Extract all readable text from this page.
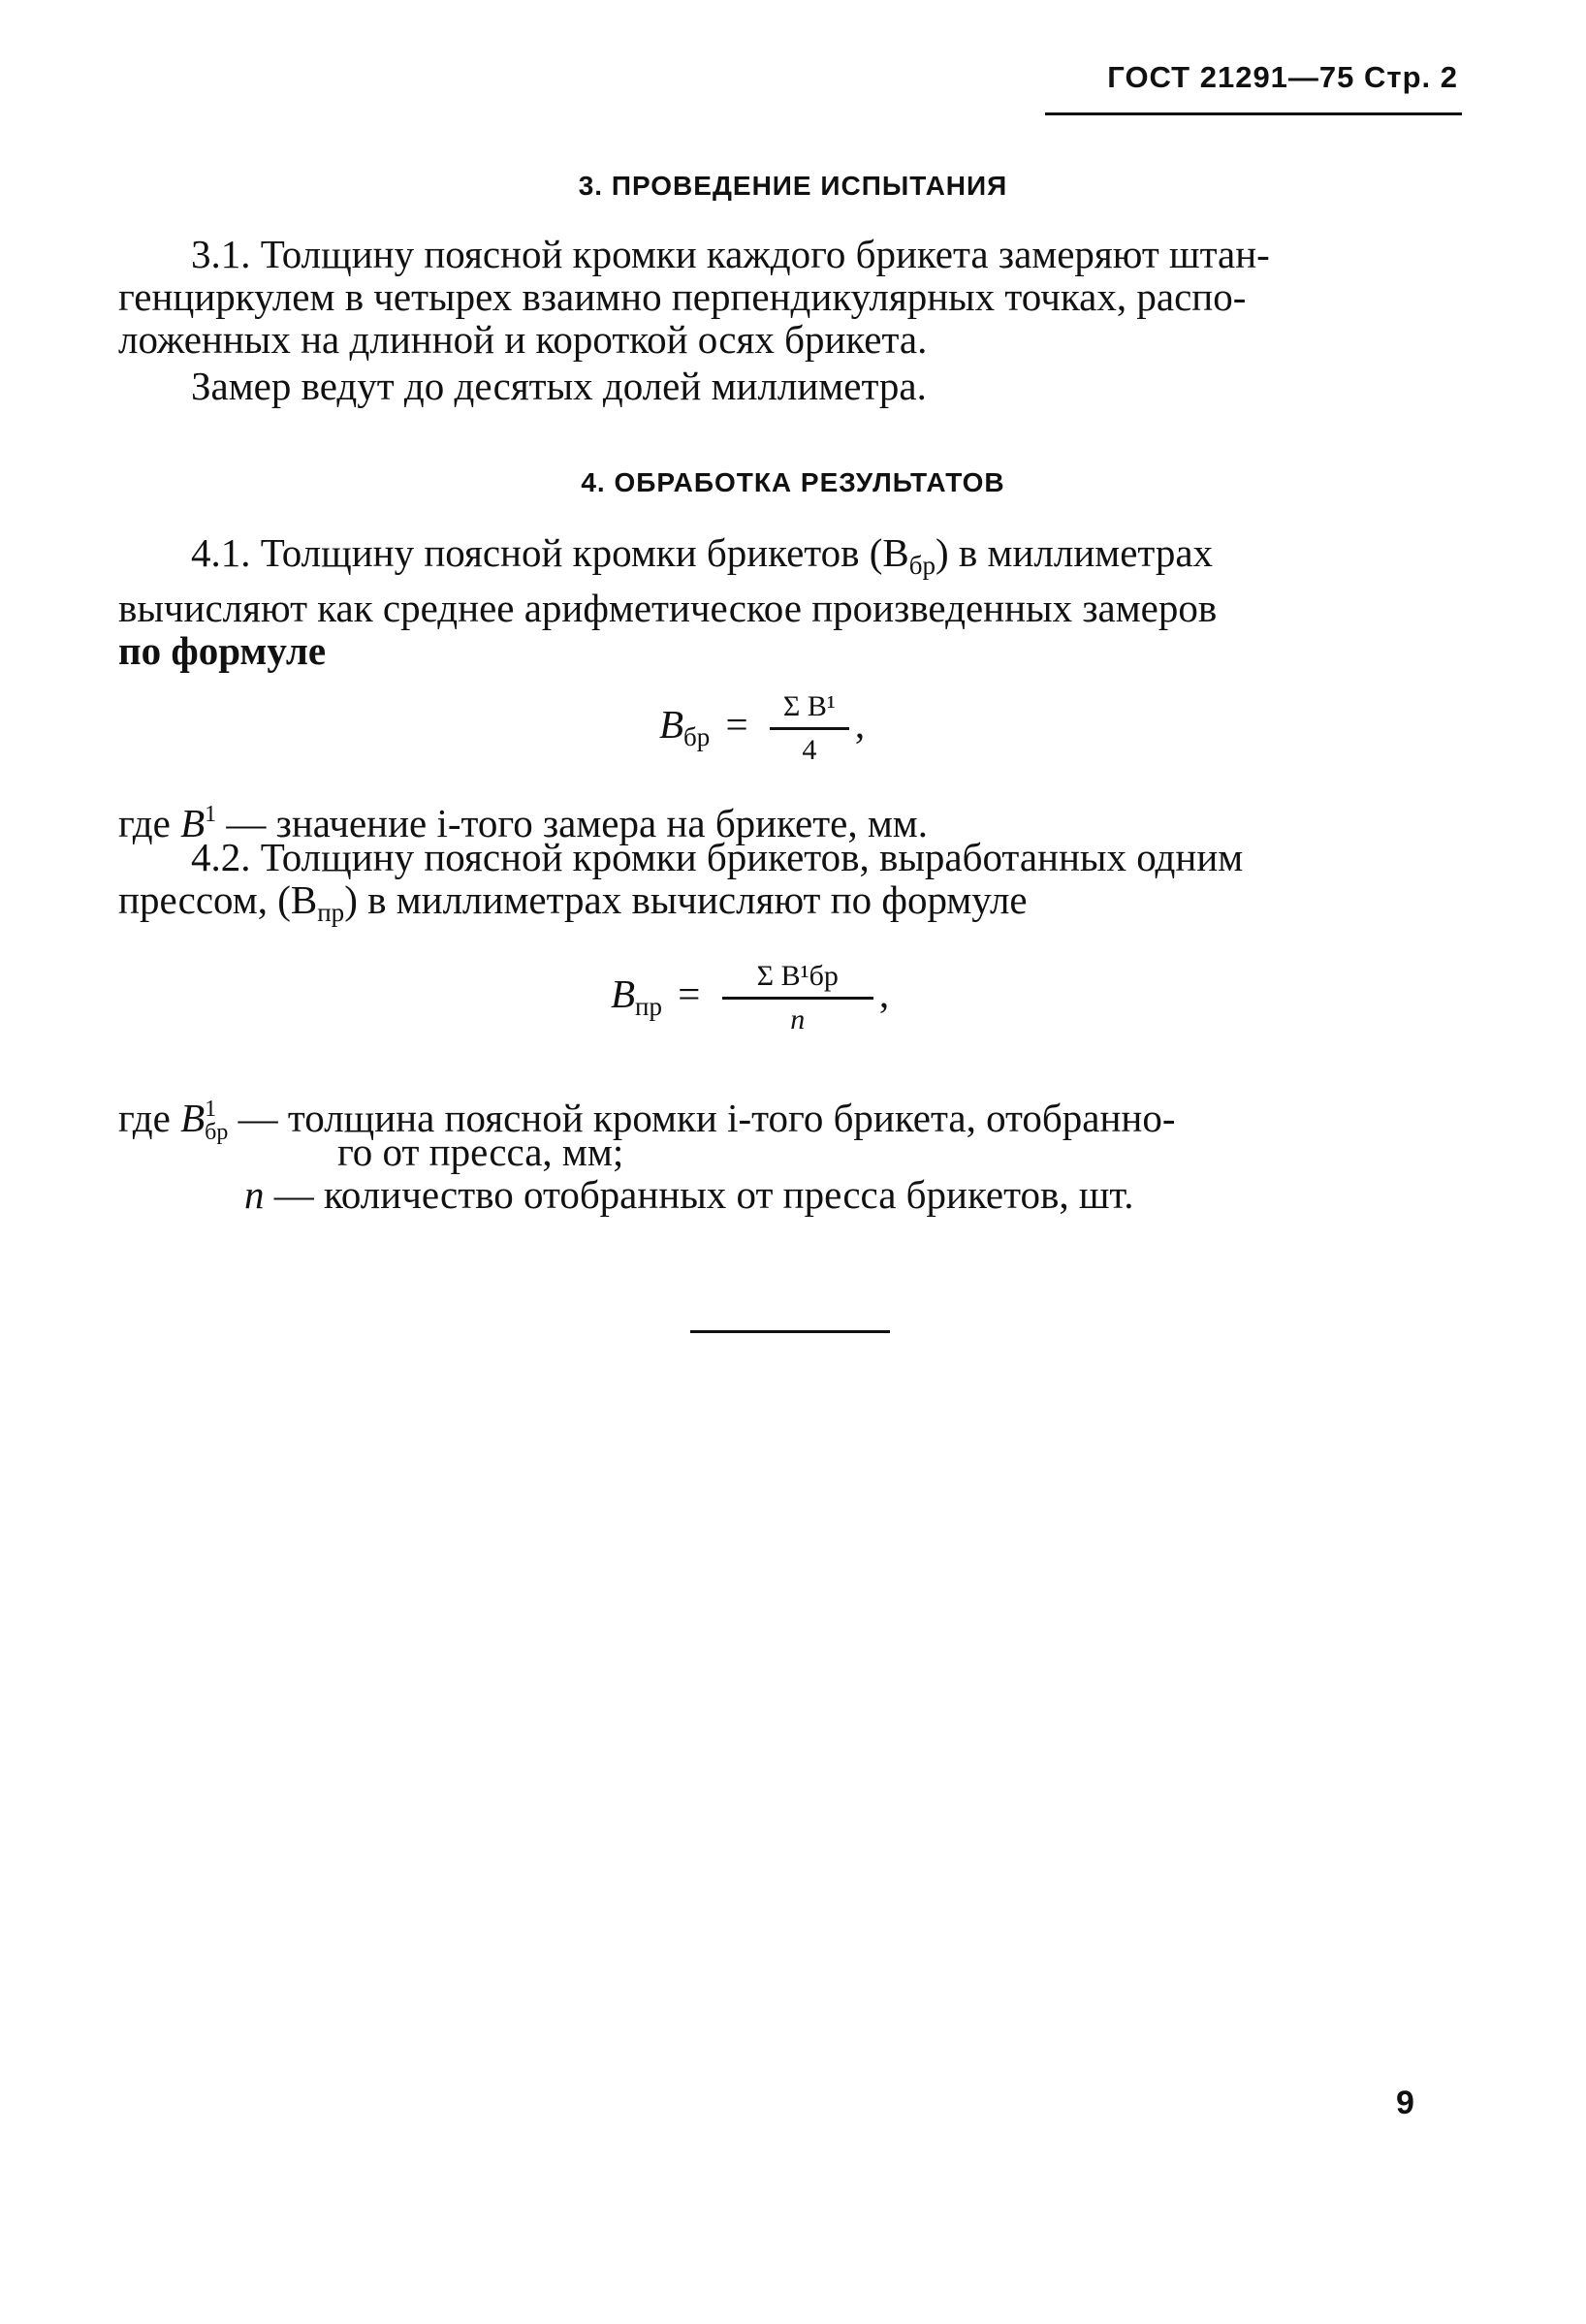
ГОСТ 21291—75 Стр. 2
3. ПРОВЕДЕНИЕ ИСПЫТАНИЯ
3.1. Толщину поясной кромки каждого брикета замеряют штан-
генциркулем в четырех взаимно перпендикулярных точках, распо-
ложенных на длинной и короткой осях брикета.
Замер ведут до десятых долей миллиметра.
4. ОБРАБОТКА РЕЗУЛЬТАТОВ
4.1. Толщину поясной кромки брикетов $(B_{бр})$ в миллиметрах
вычисляют как среднее арифметическое произведенных замеров
по формуле
$B_{бр} = \frac{\text{Σ B¹}}{4}$ ,
где $B^1$ — значение i-того замера на брикете, мм.
4.2. Толщину поясной кромки брикетов, выработанных одним
прессом, $(B_{пр})$ в миллиметрах вычисляют по формуле
$B_{пр} = \frac{\text{Σ B¹бр}}{n}$ ,
где $B^1_{бр}$ — толщина поясной кромки i-того брикета, отобранно-
го от пресса, мм;
n — количество отобранных от пресса брикетов, шт.
9
